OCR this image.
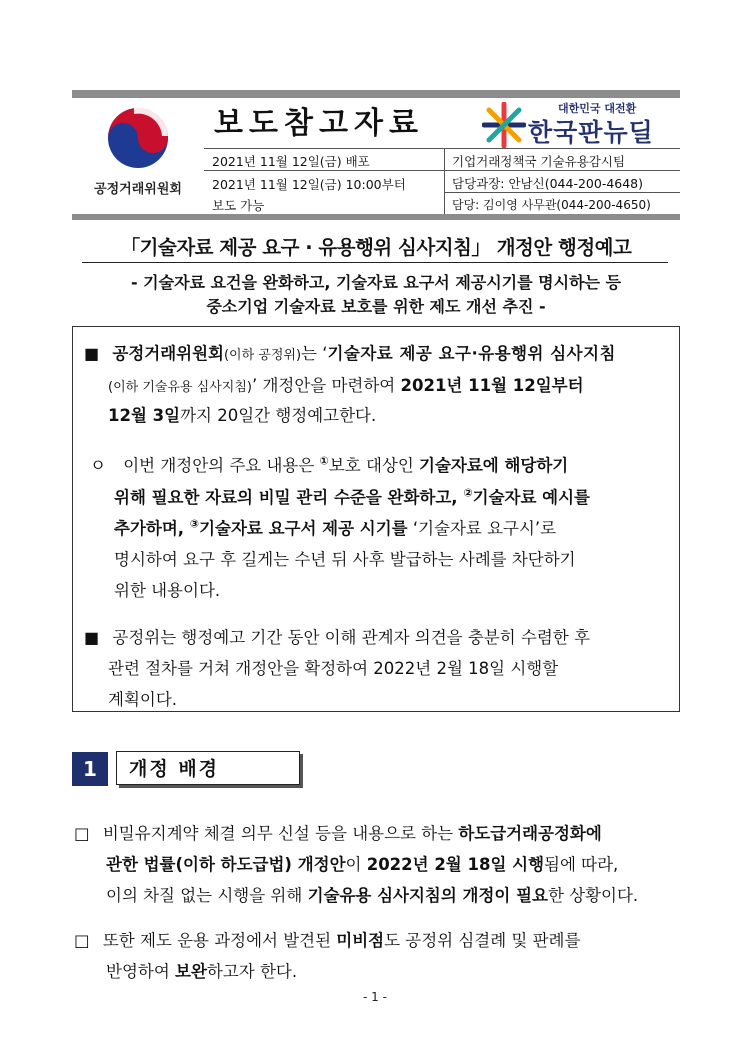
공정거래위원회
보도참고자료	대한민국 대전환
한국판뉴딜
2021년 11월 12일(금) 배포
2021년 11월 12일(금) 10:00부터
보도 가능
기업거래정책국 기술유용감시팀
담당과장: 안남신(044-200-4648)
담당: 김이영 사무관(044-200-4650)
「기술자료 제공 요구 · 유용행위 심사지침」 개정안 행정예고
- 기술자료 요건을 완화하고, 기술자료 요구서 제공시기를 명시하는 등
중소기업 기술자료 보호를 위한 제도 개선 추진 -
■ 공정거래위원회(이하 공정위)는 ‘기술자료 제공 요구·유용행위 심사지침
(이하 기술유용 심사지침)’ 개정안을 마련하여 2021년 11월 12일부터
12월 3일까지 20일간 행정예고한다.
ㅇ 이번 개정안의 주요 내용은 ①보호 대상인 기술자료에 해당하기
위해 필요한 자료의 비밀 관리 수준을 완화하고, ②기술자료 예시를
추가하며, ③기술자료 요구서 제공 시기를 ‘기술자료 요구시’로
명시하여 요구 후 길게는 수년 뒤 사후 발급하는 사례를 차단하기
위한 내용이다.
■ 공정위는 행정예고 기간 동안 이해 관계자 의견을 충분히 수렴한 후
관련 절차를 거쳐 개정안을 확정하여 2022년 2월 18일 시행할
계획이다.
1	개정 배경
□ 비밀유지계약 체결 의무 신설 등을 내용으로 하는 하도급거래공정화에
관한 법률(이하 하도급법) 개정안이 2022년 2월 18일 시행됨에 따라,
이의 차질 없는 시행을 위해 기술유용 심사지침의 개정이 필요한 상황이다.
□ 또한 제도 운용 과정에서 발견된 미비점도 공정위 심결례 및 판례를
반영하여 보완하고자 한다.
- 1 -
